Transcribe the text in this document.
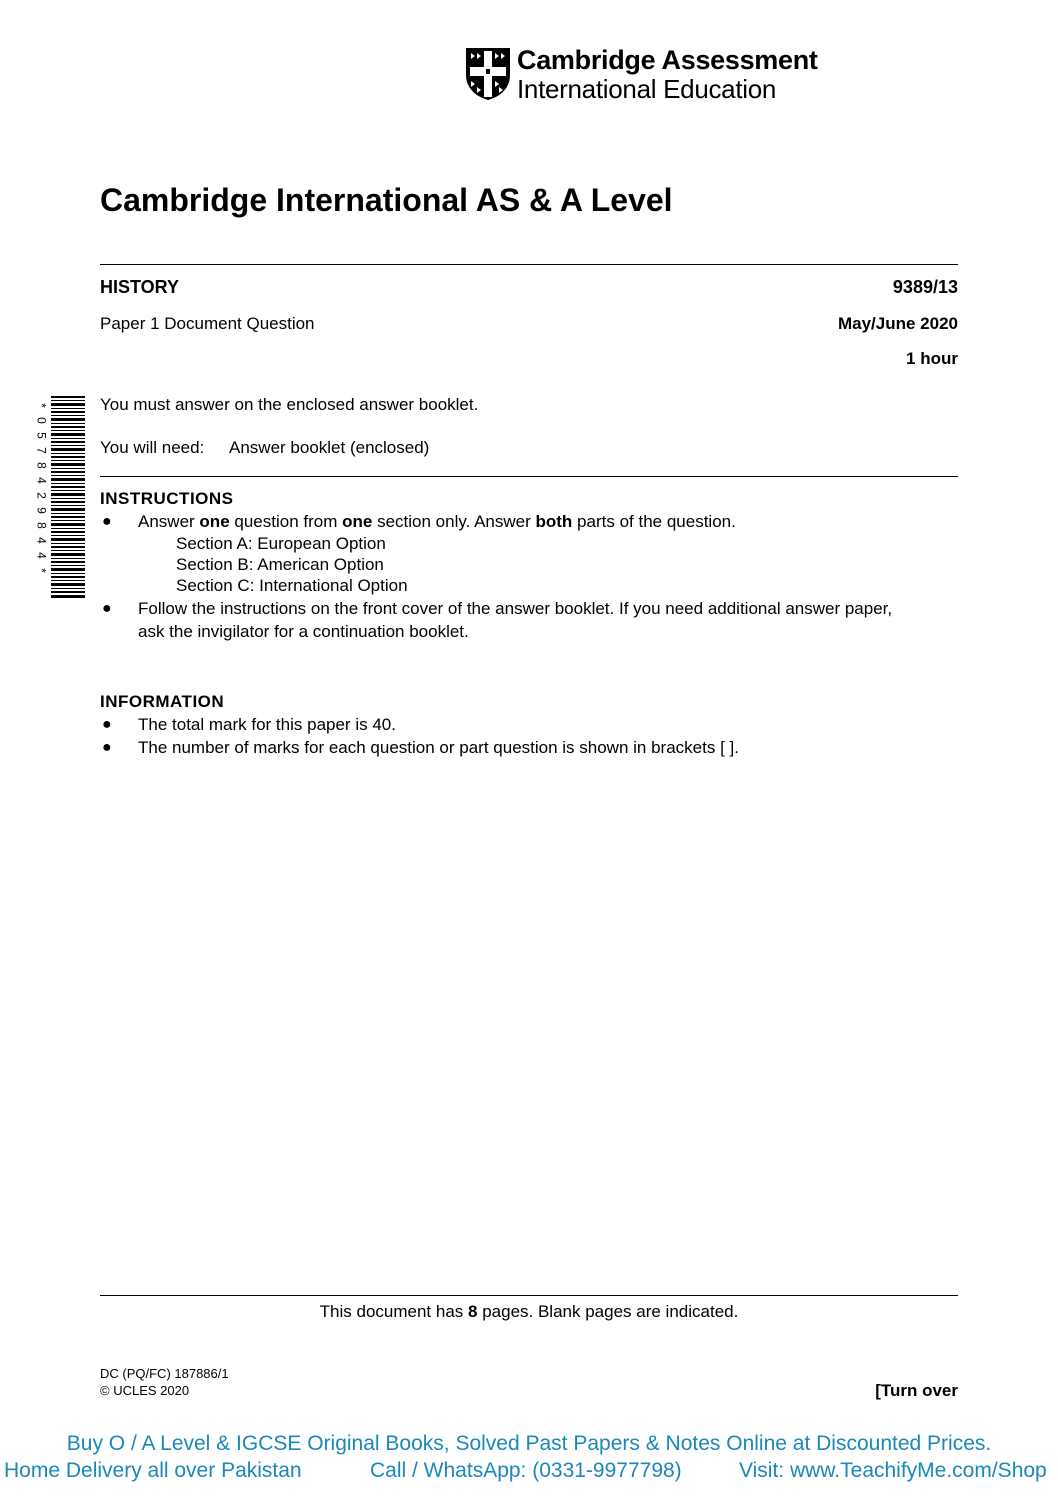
Cambridge Assessment
International Education
Cambridge International AS & A Level
HISTORY	9389/13
Paper 1 Document Question	May/June 2020
1 hour
*
0
5
7
8
4
2
9
8
4
4
*
You must answer on the enclosed answer booklet.
You will need: Answer booklet (enclosed)
INSTRUCTIONS
● Answer one question from one section only. Answer both parts of the question.
Section A: European Option
Section B: American Option
Section C: International Option
● Follow the instructions on the front cover of the answer booklet. If you need additional answer paper,
ask the invigilator for a continuation booklet.
INFORMATION
● The total mark for this paper is 40.
● The number of marks for each question or part question is shown in brackets [ ].
This document has 8 pages. Blank pages are indicated.
DC (PQ/FC) 187886/1
© UCLES 2020	[Turn over
Buy O / A Level & IGCSE Original Books, Solved Past Papers & Notes Online at Discounted Prices.
Home Delivery all over Pakistan	Call / WhatsApp: (0331-9977798)	Visit: www.TeachifyMe.com/Shop
